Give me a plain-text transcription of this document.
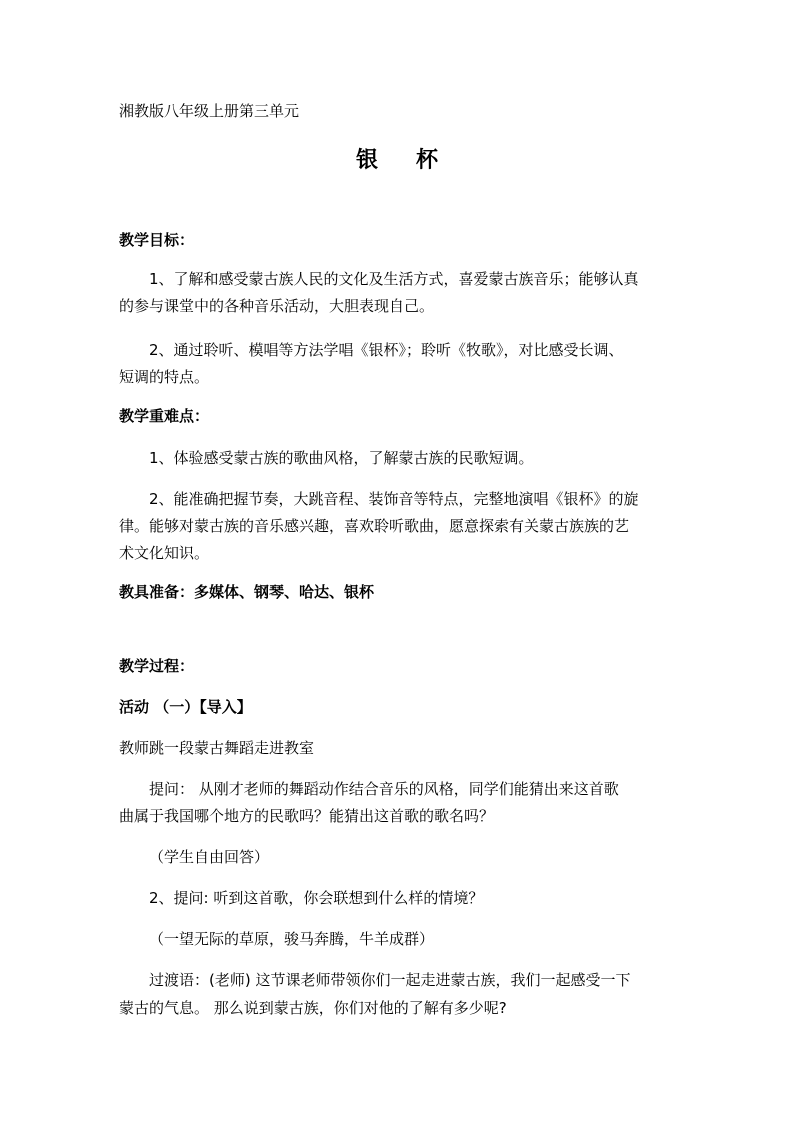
湘教版八年级上册第三单元
银 杯
教学目标：
1、了解和感受蒙古族人民的文化及生活方式，喜爱蒙古族音乐；能够认真
的参与课堂中的各种音乐活动，大胆表现自己。
2、通过聆听、模唱等方法学唱《银杯》；聆听《牧歌》，对比感受长调、
短调的特点。
教学重难点：
1、体验感受蒙古族的歌曲风格，了解蒙古族的民歌短调。
2、能准确把握节奏，大跳音程、装饰音等特点，完整地演唱《银杯》的旋
律。能够对蒙古族的音乐感兴趣，喜欢聆听歌曲，愿意探索有关蒙古族族的艺
术文化知识。
教具准备：多媒体、钢琴、哈达、银杯
教学过程：
活动 （一）【导入】
教师跳一段蒙古舞蹈走进教室
提问： 从刚才老师的舞蹈动作结合音乐的风格，同学们能猜出来这首歌
曲属于我国哪个地方的民歌吗？能猜出这首歌的歌名吗？
（学生自由回答）
2、提问: 听到这首歌，你会联想到什么样的情境？
（一望无际的草原，骏马奔腾，牛羊成群）
过渡语：(老师) 这节课老师带领你们一起走进蒙古族，我们一起感受一下
蒙古的气息。 那么说到蒙古族，你们对他的了解有多少呢?
